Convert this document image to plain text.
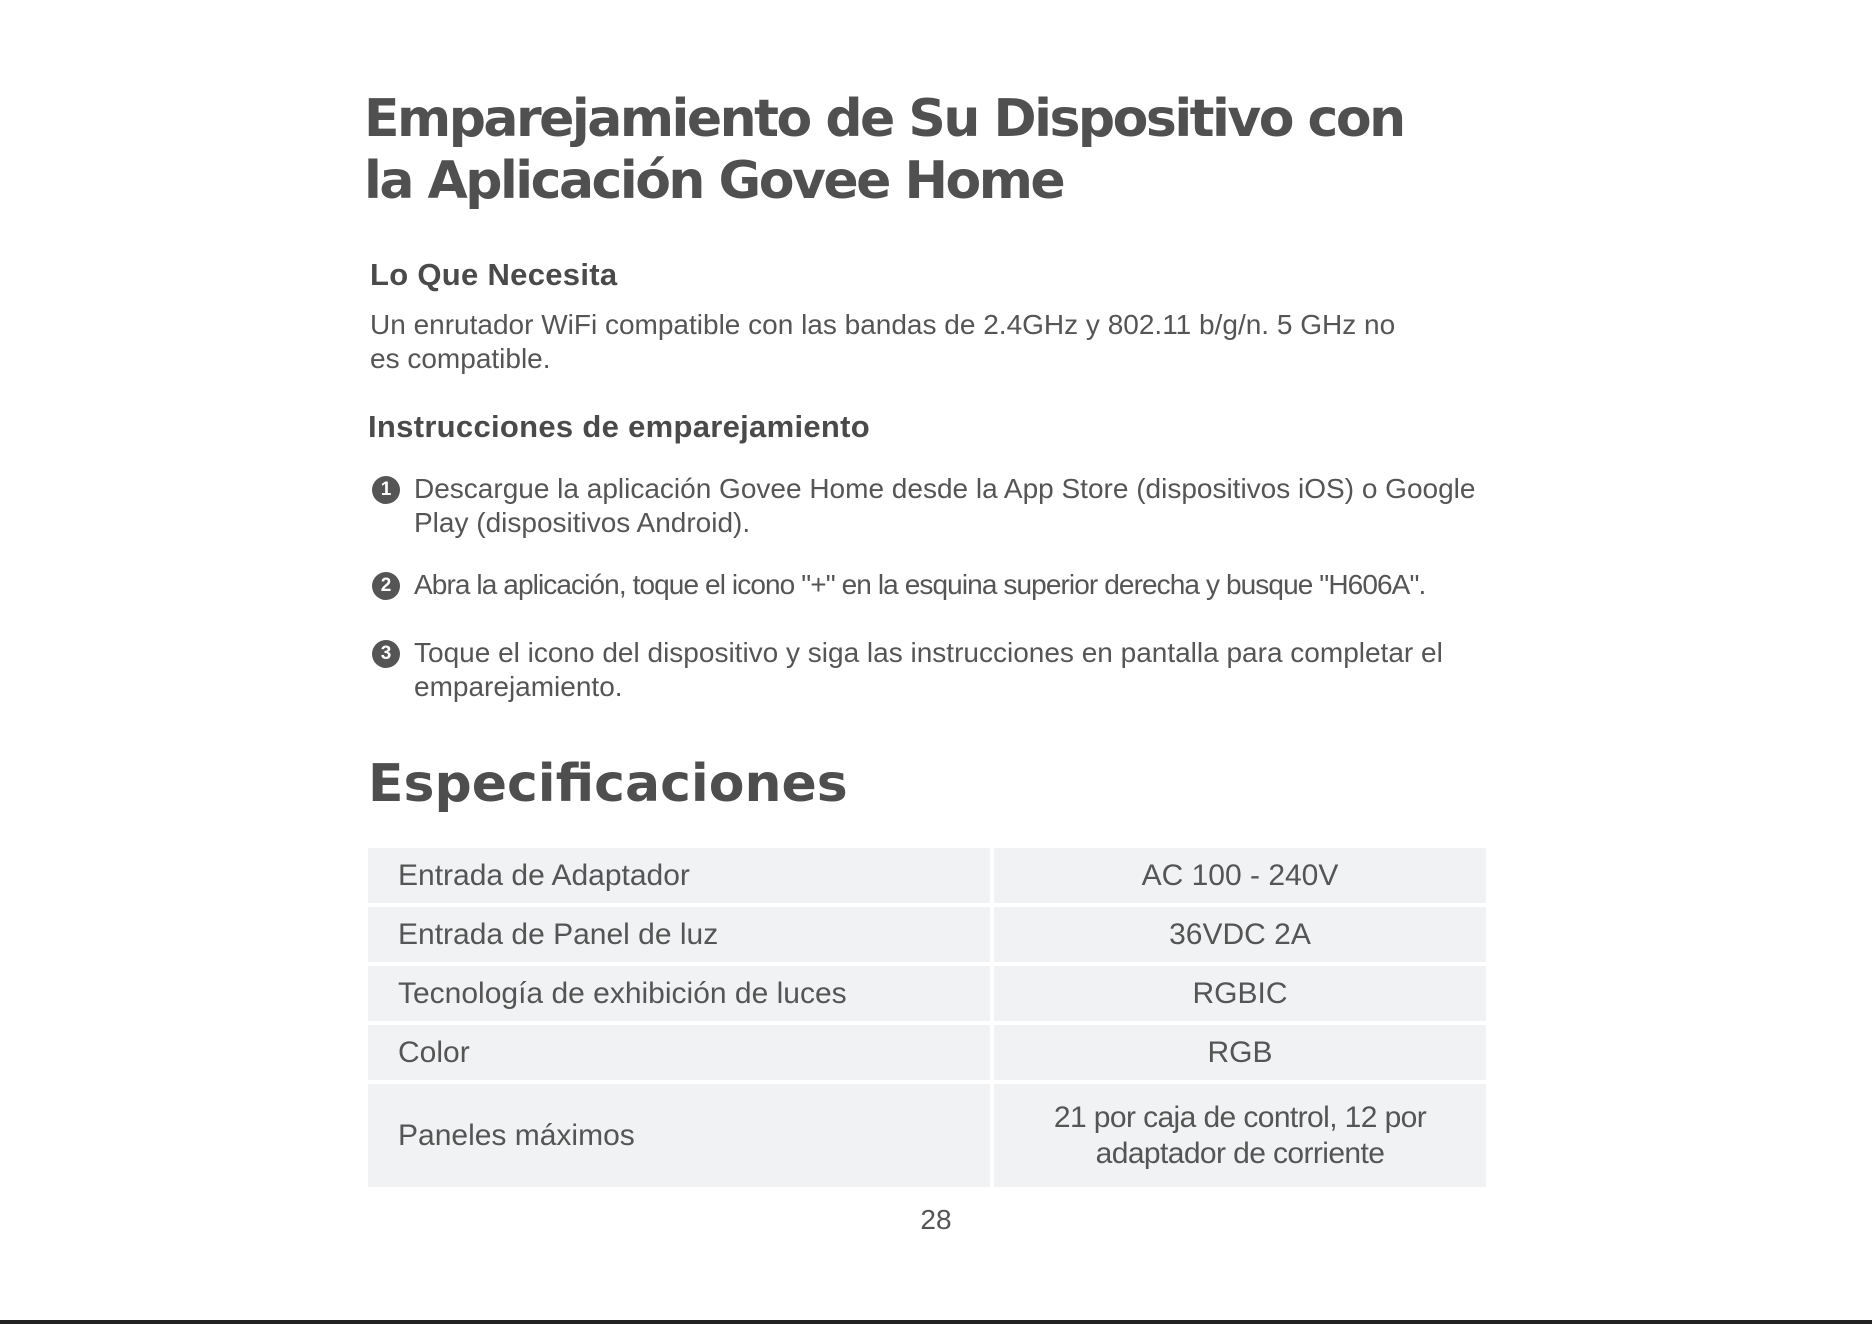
Emparejamiento de Su Dispositivo con la Aplicación Govee Home
Lo Que Necesita

Un enrutador WiFi compatible con las bandas de 2.4GHz y 802.11 b/g/n. 5 GHz no es compatible.

Instrucciones de emparejamiento
1 Descargue la aplicación Govee Home desde la App Store (dispositivos iOS) o Google Play (dispositivos Android).
2 Abra la aplicación, toque el icono "+" en la esquina superior derecha y busque "H606A".
3 Toque el icono del dispositivo y siga las instrucciones en pantalla para completar el emparejamiento.
Especificaciones
Entrada de Adaptador	AC 100 - 240V
Entrada de Panel de luz	36VDC 2A
Tecnología de exhibición de luces	RGBIC
Color	RGB
Paneles máximos	21 por caja de control, 12 por adaptador de corriente
28
